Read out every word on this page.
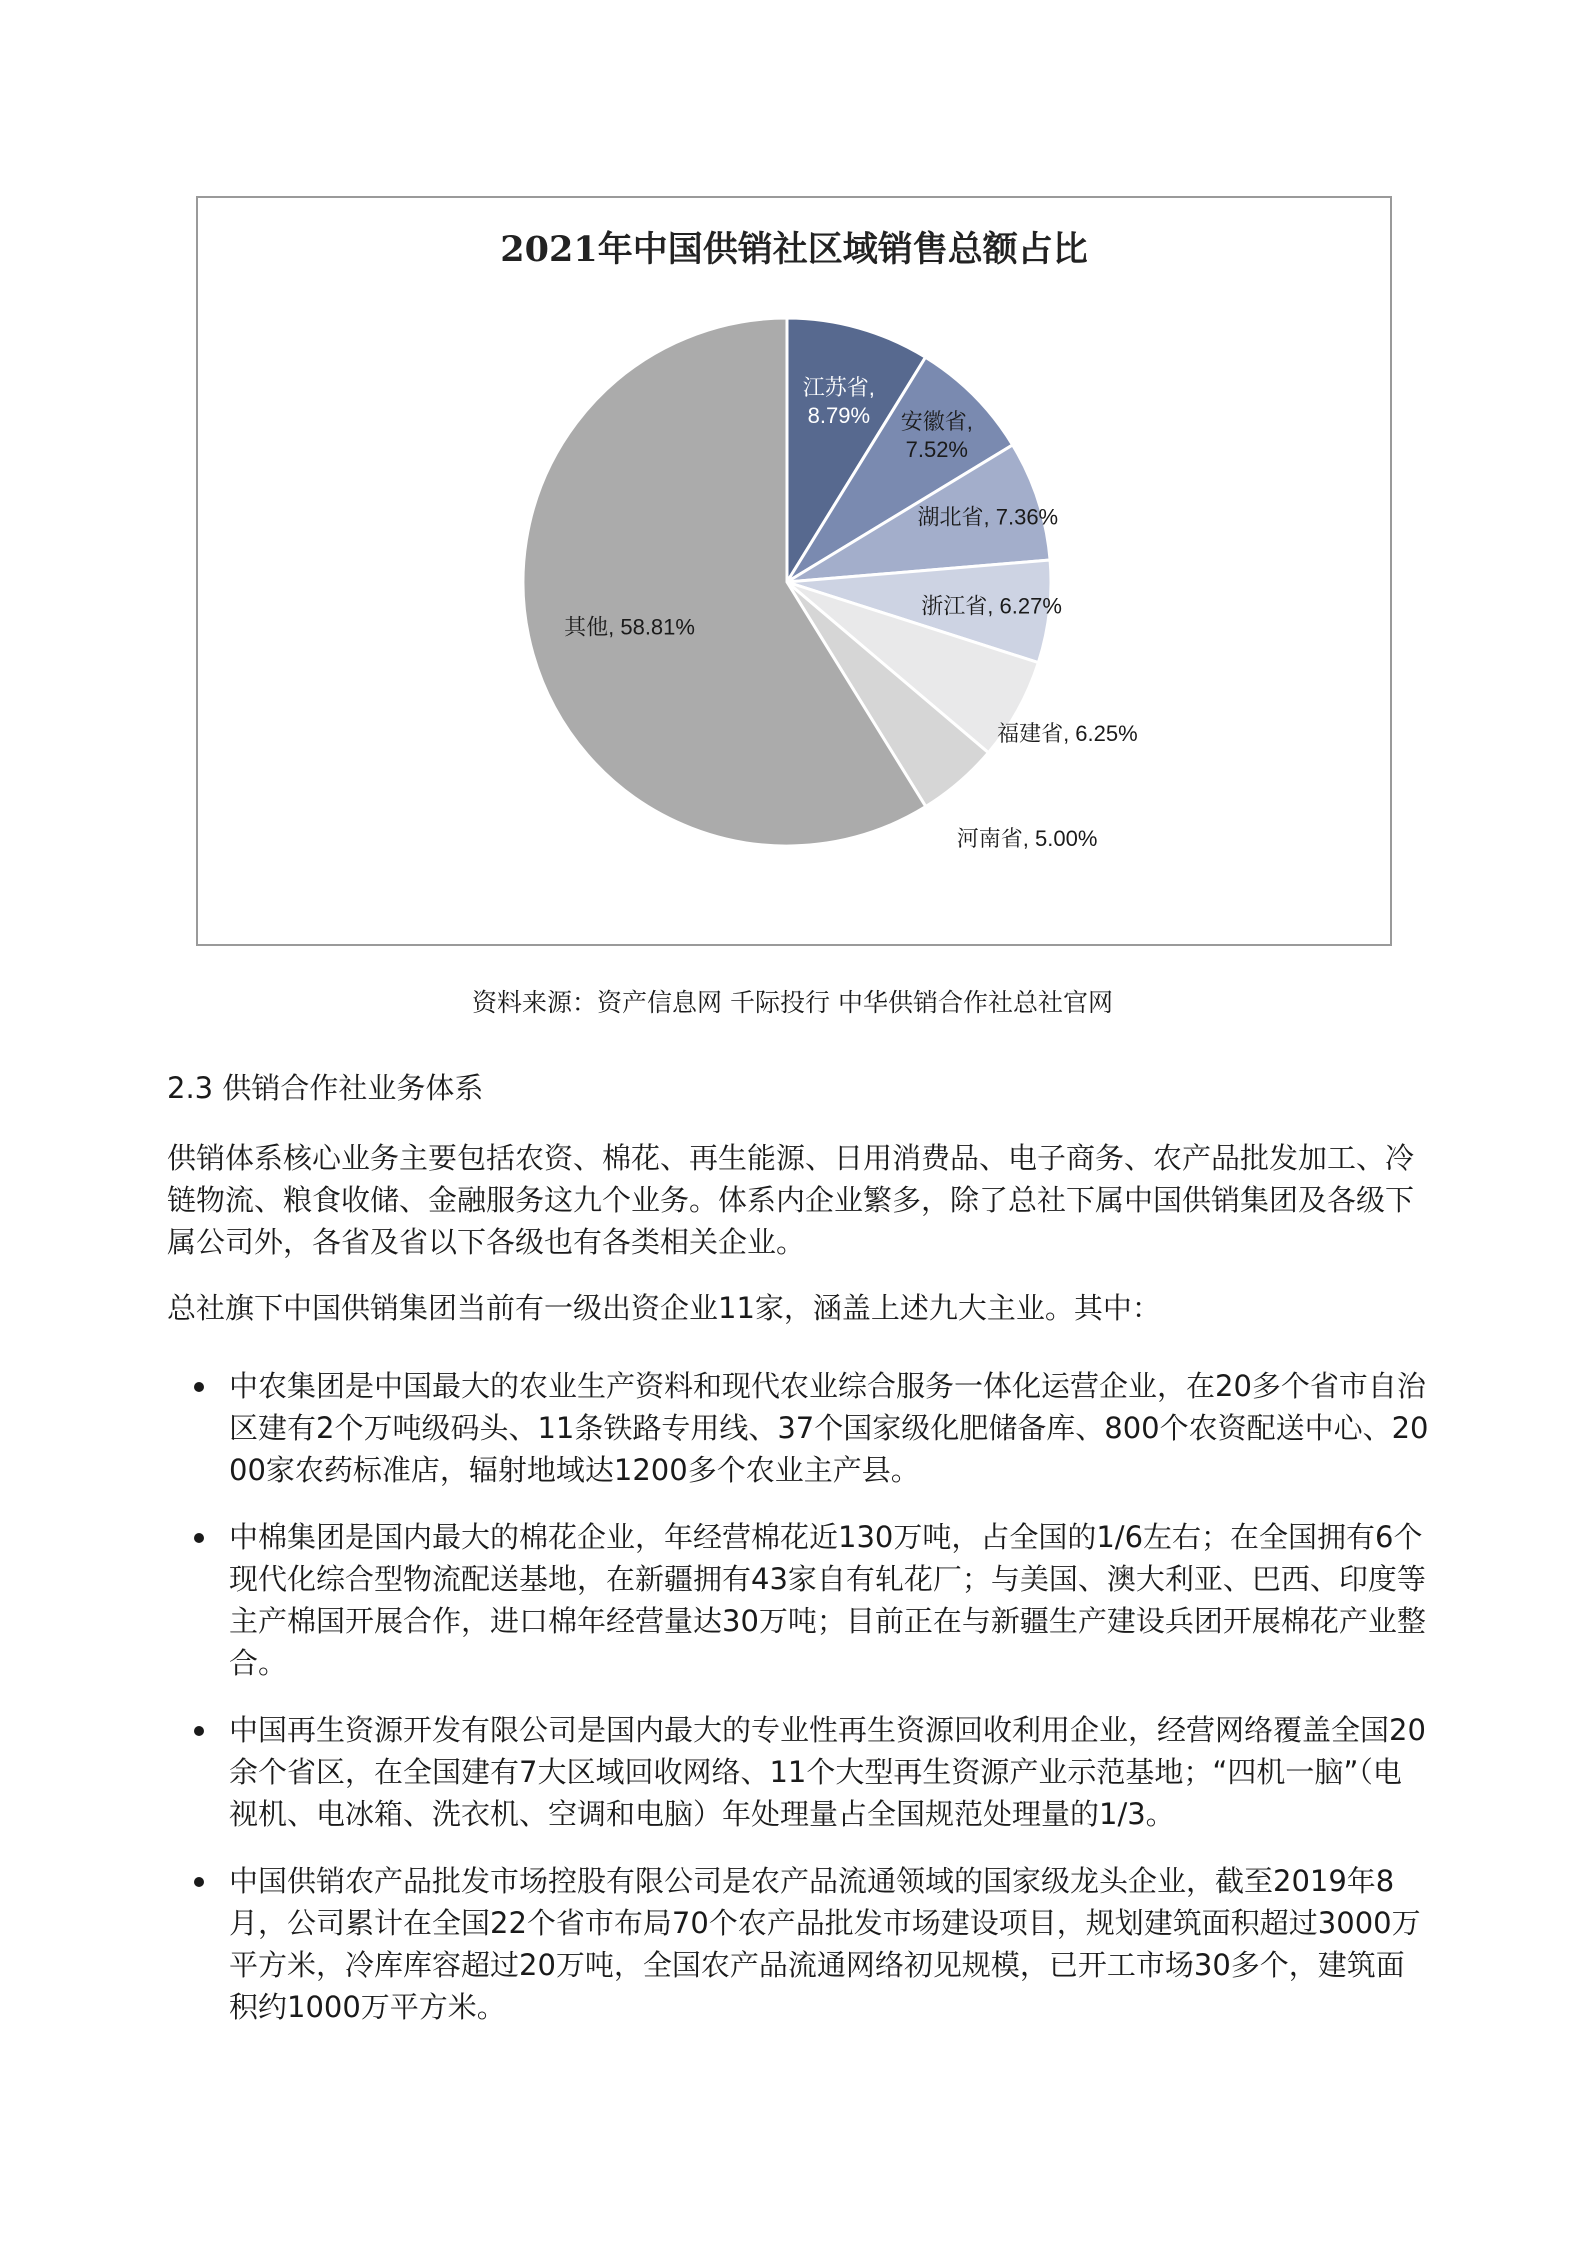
2021年中国供销社区域销售总额占比
江苏省, 8.79% 安徽省, 7.52%
湖北省, 7.36%
浙江省, 6.27%
福建省, 6.25%
河南省, 5.00%
其他, 58.81%

资料来源：资产信息网 千际投行 中华供销合作社总社官网

2.3 供销合作社业务体系

供销体系核心业务主要包括农资、棉花、再生能源、日用消费品、电子商务、农产品批发加工、冷链物流、粮食收储、金融服务这九个业务。体系内企业繁多，除了总社下属中国供销集团及各级下属公司外，各省及省以下各级也有各类相关企业。

总社旗下中国供销集团当前有一级出资企业11家，涵盖上述九大主业。其中：

中农集团是中国最大的农业生产资料和现代农业综合服务一体化运营企业，在20多个省市自治区建有2个万吨级码头、11条铁路专用线、37个国家级化肥储备库、800个农资配送中心、2000家农药标准店，辐射地域达1200多个农业主产县。
中棉集团是国内最大的棉花企业，年经营棉花近130万吨，占全国的1/6左右；在全国拥有6个现代化综合型物流配送基地，在新疆拥有43家自有轧花厂；与美国、澳大利亚、巴西、印度等主产棉国开展合作，进口棉年经营量达30万吨；目前正在与新疆生产建设兵团开展棉花产业整合。
中国再生资源开发有限公司是国内最大的专业性再生资源回收利用企业，经营网络覆盖全国20余个省区，在全国建有7大区域回收网络、11个大型再生资源产业示范基地；“四机一脑”（电视机、电冰箱、洗衣机、空调和电脑）年处理量占全国规范处理量的1/3。
中国供销农产品批发市场控股有限公司是农产品流通领域的国家级龙头企业，截至2019年8月，公司累计在全国22个省市布局70个农产品批发市场建设项目，规划建筑面积超过3000万平方米，冷库库容超过20万吨，全国农产品流通网络初见规模，已开工市场30多个，建筑面积约1000万平方米。
